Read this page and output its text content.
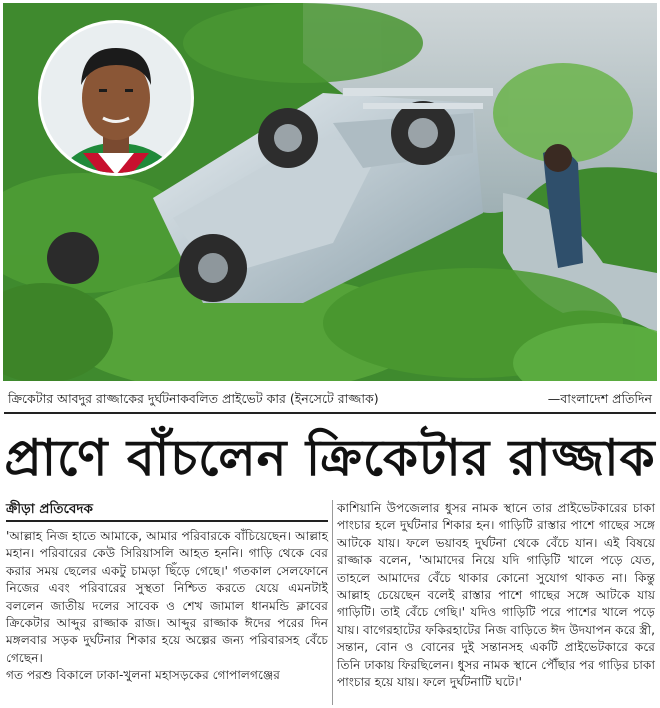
ক্রিকেটার আবদুর রাজ্জাকের দুর্ঘটনাকবলিত প্রাইভেট কার (ইনসেটে রাজ্জাক)	—বাংলাদেশ প্রতিদিন
প্রাণে বাঁচলেন ক্রিকেটার রাজ্জাক
ক্রীড়া প্রতিবেদক

'আল্লাহ নিজ হাতে আমাকে, আমার পরিবারকে বাঁচিয়েছেন। আল্লাহ মহান। পরিবারের কেউ সিরিয়াসলি আহত হননি। গাড়ি থেকে বের করার সময় ছেলের একটু চামড়া ছিঁড়ে গেছে।' গতকাল সেলফোনে নিজের এবং পরিবারের সুস্থতা নিশ্চিত করতে যেয়ে এমনটাই বললেন জাতীয় দলের সাবেক ও শেখ জামাল ধানমন্ডি ক্লাবের ক্রিকেটার আব্দুর রাজ্জাক রাজ। আব্দুর রাজ্জাক ঈদের পরের দিন মঙ্গলবার সড়ক দুর্ঘটনার শিকার হয়ে অল্পের জন্য পরিবারসহ বেঁচে গেছেন।

গত পরশু বিকালে ঢাকা-খুলনা মহাসড়কের গোপালগঞ্জের

কাশিয়ানি উপজেলার ধুসর নামক স্থানে তার প্রাইভেটকারের চাকা পাংচার হলে দুর্ঘটনার শিকার হন। গাড়িটি রাস্তার পাশে গাছের সঙ্গে আটকে যায়। ফলে ভয়াবহ দুর্ঘটনা থেকে বেঁচে যান। এই বিষয়ে রাজ্জাক বলেন, 'আমাদের নিয়ে যদি গাড়িটি খালে পড়ে যেত, তাহলে আমাদের বেঁচে থাকার কোনো সুযোগ থাকত না। কিন্তু আল্লাহ চেয়েছেন বলেই রাস্তার পাশে গাছের সঙ্গে আটকে যায় গাড়িটি। তাই বেঁচে গেছি।' যদিও গাড়িটি পরে পাশের খালে পড়ে যায়। বাগেরহাটের ফকিরহাটের নিজ বাড়িতে ঈদ উদযাপন করে স্ত্রী, সন্তান, বোন ও বোনের দুই সন্তানসহ একটি প্রাইভেটকারে করে তিনি ঢাকায় ফিরছিলেন। ধুসর নামক স্থানে পৌঁছার পর গাড়ির চাকা পাংচার হয়ে যায়। ফলে দুর্ঘটনাটি ঘটে।'
